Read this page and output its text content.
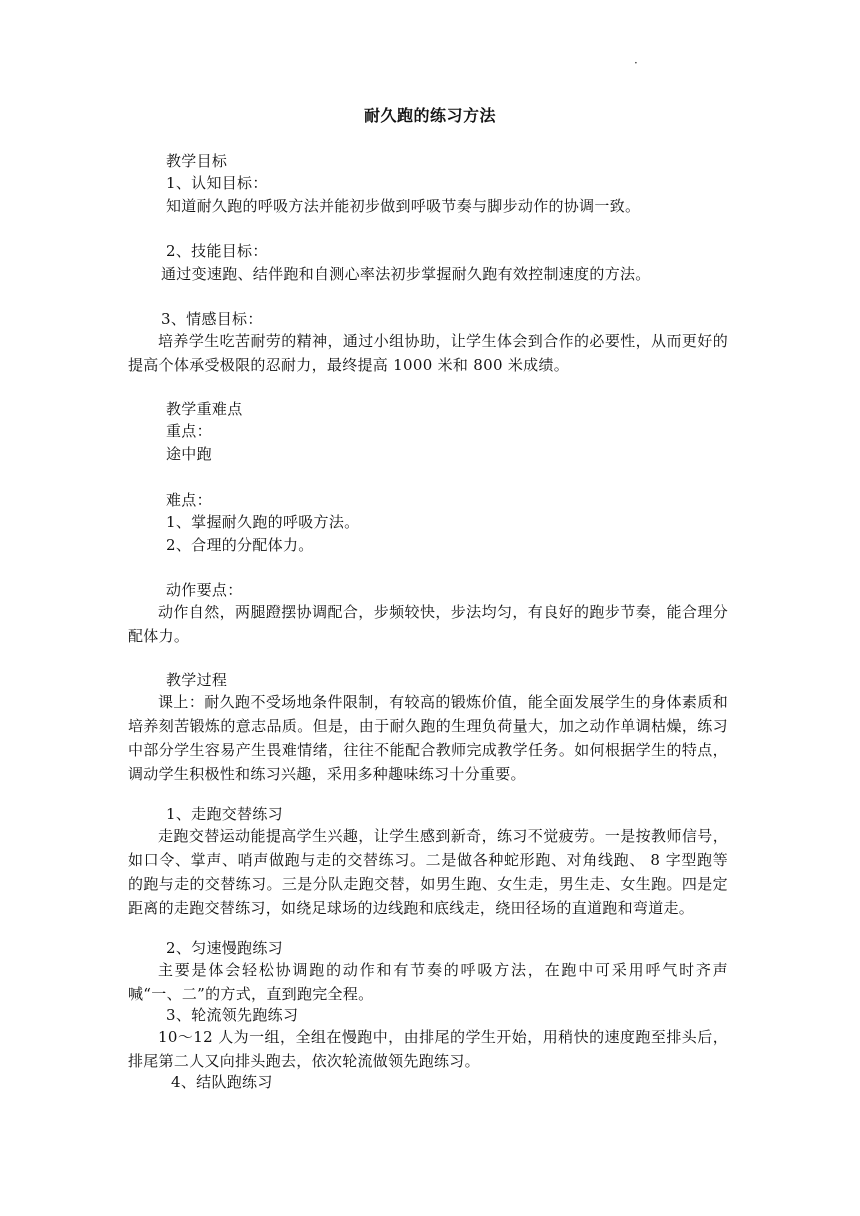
·
耐久跑的练习方法
教学目标
1、认知目标：
知道耐久跑的呼吸方法并能初步做到呼吸节奏与脚步动作的协调一致。
2、技能目标：
通过变速跑、结伴跑和自测心率法初步掌握耐久跑有效控制速度的方法。
3、情感目标：
培养学生吃苦耐劳的精神，通过小组协助，让学生体会到合作的必要性，从而更好的提高个体承受极限的忍耐力，最终提高 1000 米和 800 米成绩。
教学重难点
重点：
途中跑
难点：
1、掌握耐久跑的呼吸方法。
2、合理的分配体力。
动作要点：
动作自然，两腿蹬摆协调配合，步频较快，步法均匀，有良好的跑步节奏，能合理分配体力。
教学过程
课上：耐久跑不受场地条件限制，有较高的锻炼价值，能全面发展学生的身体素质和培养刻苦锻炼的意志品质。但是，由于耐久跑的生理负荷量大，加之动作单调枯燥，练习中部分学生容易产生畏难情绪，往往不能配合教师完成教学任务。如何根据学生的特点，调动学生积极性和练习兴趣，采用多种趣味练习十分重要。
1、走跑交替练习
走跑交替运动能提高学生兴趣，让学生感到新奇，练习不觉疲劳。一是按教师信号，如口令、掌声、哨声做跑与走的交替练习。二是做各种蛇形跑、对角线跑、 8 字型跑等的跑与走的交替练习。三是分队走跑交替，如男生跑、女生走，男生走、女生跑。四是定距离的走跑交替练习，如绕足球场的边线跑和底线走，绕田径场的直道跑和弯道走。
2、匀速慢跑练习
主要是体会轻松协调跑的动作和有节奏的呼吸方法，在跑中可采用呼气时齐声喊“一、二”的方式，直到跑完全程。
3、轮流领先跑练习
10～12 人为一组，全组在慢跑中，由排尾的学生开始，用稍快的速度跑至排头后，排尾第二人又向排头跑去，依次轮流做领先跑练习。
4、结队跑练习
